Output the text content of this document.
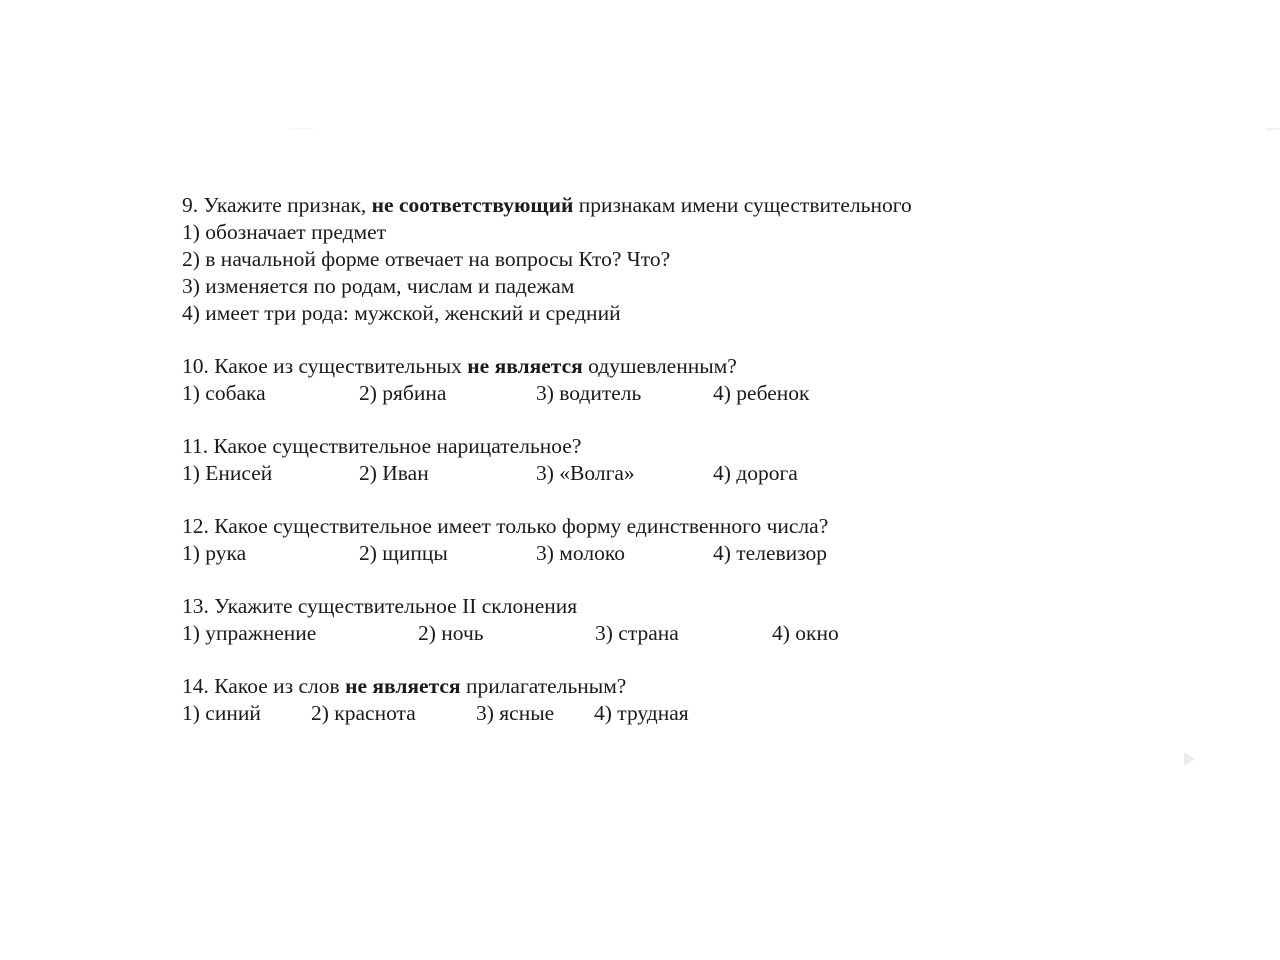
9. Укажите признак, не соответствующий признакам имени существительного
1) обозначает предмет
2) в начальной форме отвечает на вопросы Кто? Что?
3) изменяется по родам, числам и падежам
4) имеет три рода: мужской, женский и средний
10. Какое из существительных не является одушевленным?
1) собака	2) рябина	3) водитель	4) ребенок
11. Какое существительное нарицательное?
1) Енисей	2) Иван	3) «Волга»	4) дорога
12. Какое существительное имеет только форму единственного числа?
1) рука	2) щипцы	3) молоко	4) телевизор
13. Укажите существительное II склонения
1) упражнение	2) ночь	3) страна	4) окно
14. Какое из слов не является прилагательным?
1) синий 2) краснота	3) ясные 4) трудная
